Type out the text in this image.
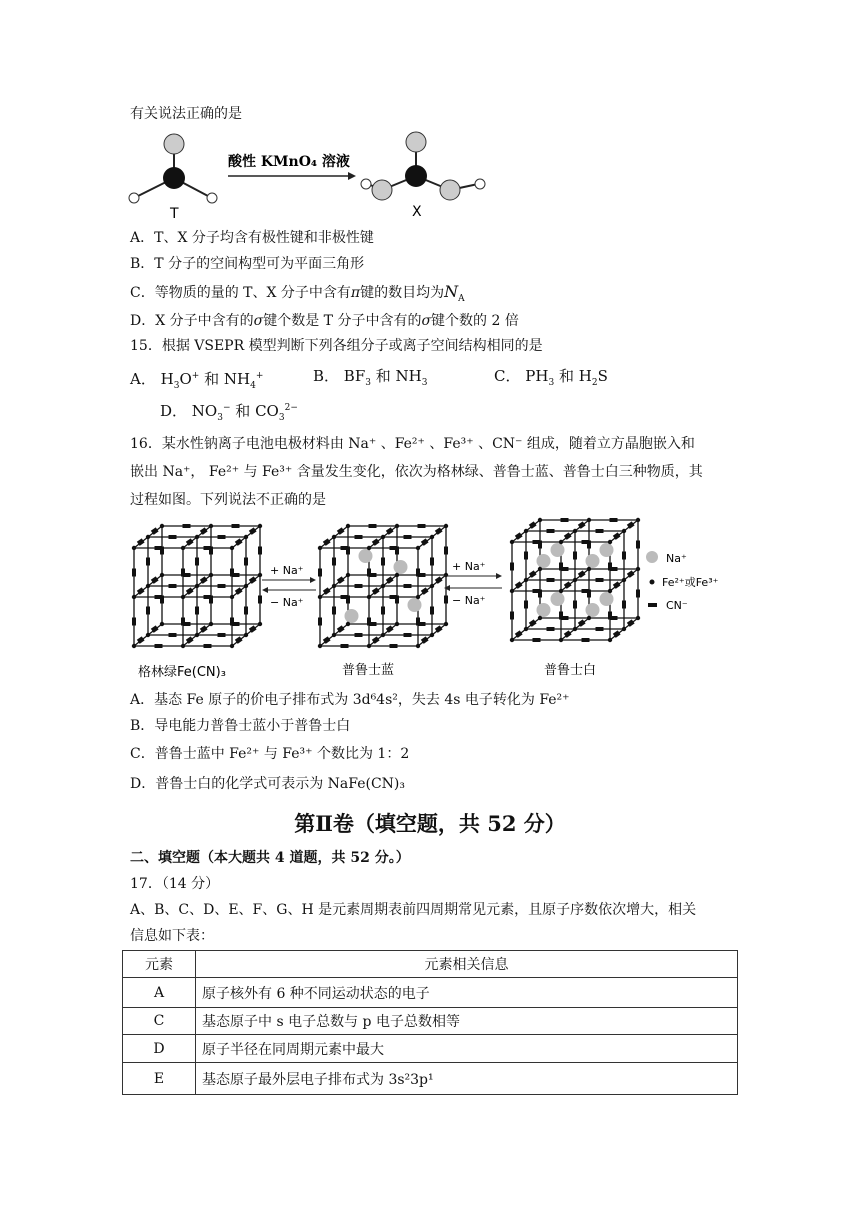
有关说法正确的是
T
酸性 KMnO₄ 溶液
X
A．T、X 分子均含有极性键和非极性键
B．T 分子的空间构型可为平面三角形
C．等物质的量的 T、X 分子中含有π键的数目均为$N_A$
D．X 分子中含有的σ键个数是 T 分子中含有的σ键个数的 2 倍
15．根据 VSEPR 模型判断下列各组分子或离子空间结构相同的是
A． $H_3O^+$ 和 $NH_4^+$	B． $BF_3$ 和 $NH_3$	C． $PH_3$ 和 $H_2S$
D． $NO_3^-$ 和 $CO_3^{2-}$
16．某水性钠离子电池电极材料由 Na⁺ 、Fe²⁺ 、Fe³⁺ 、CN⁻ 组成，随着立方晶胞嵌入和
嵌出 Na⁺， Fe²⁺ 与 Fe³⁺ 含量发生变化，依次为格林绿、普鲁士蓝、普鲁士白三种物质，其
过程如图。下列说法不正确的是
+ Na⁺
− Na⁺
+ Na⁺
− Na⁺
Na⁺
Fe²⁺或Fe³⁺
CN⁻
格林绿Fe(CN)₃	普鲁士蓝	普鲁士白
A．基态 Fe 原子的价电子排布式为 3d⁶4s²，失去 4s 电子转化为 Fe²⁺
B．导电能力普鲁士蓝小于普鲁士白
C．普鲁士蓝中 Fe²⁺ 与 Fe³⁺ 个数比为 1：2
D．普鲁士白的化学式可表示为 NaFe(CN)₃
第Ⅱ卷（填空题，共 52 分）
二、填空题（本大题共 4 道题，共 52 分。）
17．（14 分）
A、B、C、D、E、F、G、H 是元素周期表前四周期常见元素，且原子序数依次增大，相关
信息如下表：
元素	元素相关信息
A	原子核外有 6 种不同运动状态的电子
C	基态原子中 s 电子总数与 p 电子总数相等
D	原子半径在同周期元素中最大
E	基态原子最外层电子排布式为 3s²3p¹
